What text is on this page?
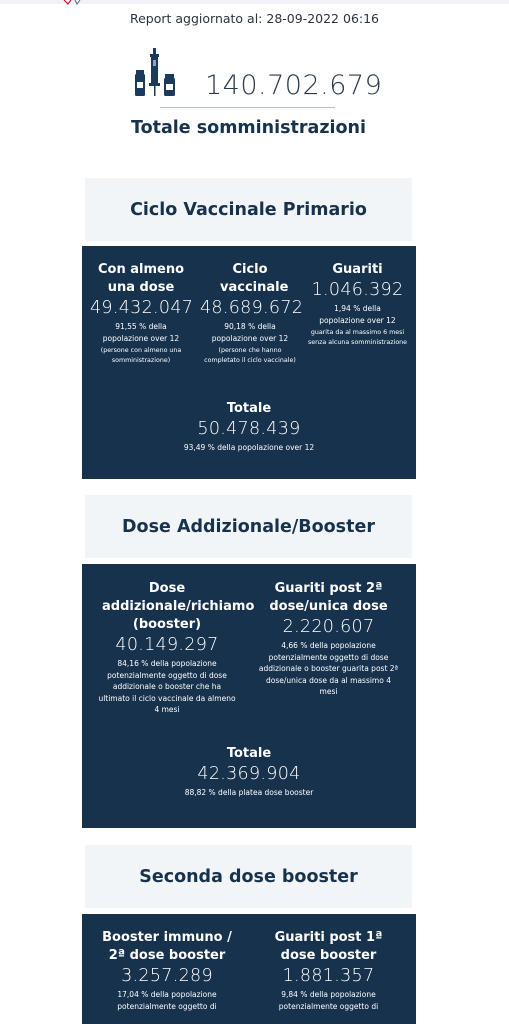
Report aggiornato al: 28-09-2022 06:16
140.702.679
Totale somministrazioni
Ciclo Vaccinale Primario
Con almeno una dose
49.432.047
91,55 % della popolazione over 12
(persone con almeno una somministrazione)
Ciclo vaccinale
48.689.672
90,18 % della popolazione over 12
(persone che hanno completato il ciclo vaccinale)
Guariti
1.046.392
1,94 % della popolazione over 12
guarita da al massimo 6 mesi senza alcuna somministrazione
Totale
50.478.439
93,49 % della popolazione over 12
Dose Addizionale/Booster
Dose addizionale/richiamo (booster)
40.149.297
84,16 % della popolazione potenzialmente oggetto di dose addizionale o booster che ha ultimato il ciclo vaccinale da almeno 4 mesi
Guariti post 2ª dose/unica dose
2.220.607
4,66 % della popolazione potenzialmente oggetto di dose addizionale o booster guarita post 2ª dose/unica dose da al massimo 4 mesi
Totale
42.369.904
88,82 % della platea dose booster
Seconda dose booster
Booster immuno / 2ª dose booster
3.257.289
17,04 % della popolazione potenzialmente oggetto di
Guariti post 1ª dose booster
1.881.357
9,84 % della popolazione potenzialmente oggetto di
